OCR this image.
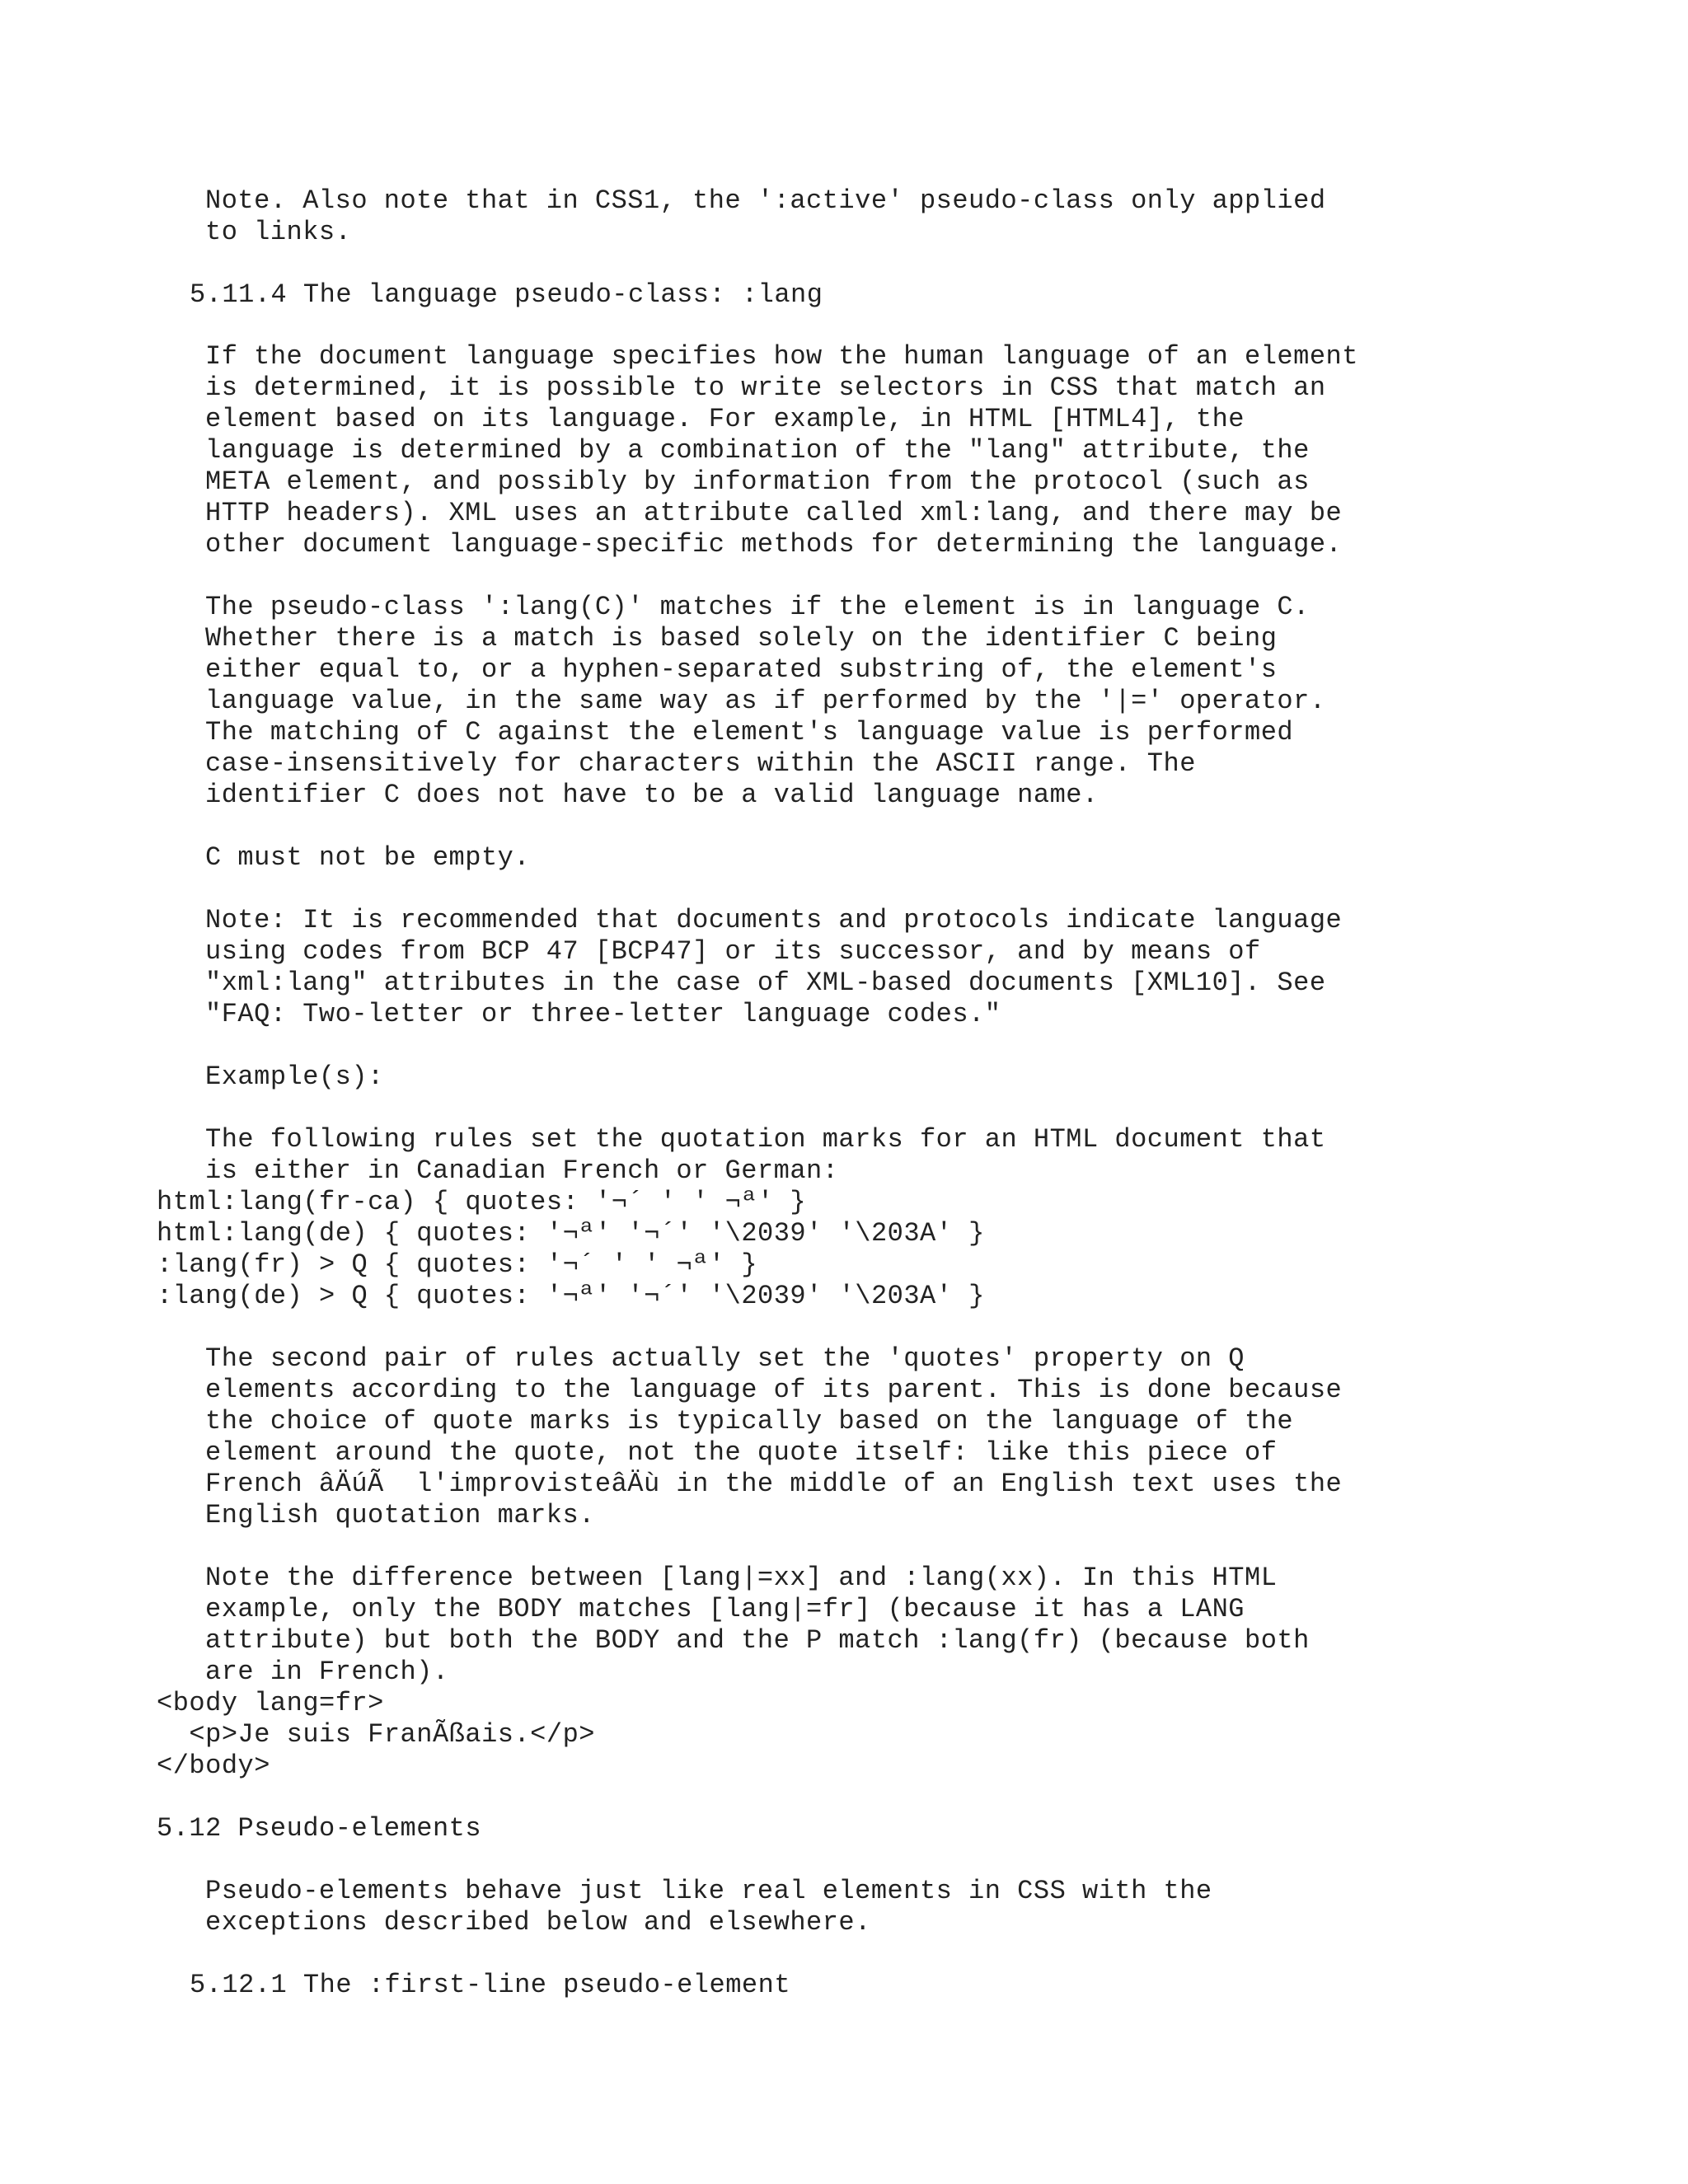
Note. Also note that in CSS1, the ':active' pseudo-class only applied

to links.

5.11.4 The language pseudo-class: :lang

If the document language specifies how the human language of an element

is determined, it is possible to write selectors in CSS that match an

element based on its language. For example, in HTML [HTML4], the

language is determined by a combination of the "lang" attribute, the

META element, and possibly by information from the protocol (such as

HTTP headers). XML uses an attribute called xml:lang, and there may be

other document language-specific methods for determining the language.

The pseudo-class ':lang(C)' matches if the element is in language C.

Whether there is a match is based solely on the identifier C being

either equal to, or a hyphen-separated substring of, the element's

language value, in the same way as if performed by the '|=' operator.

The matching of C against the element's language value is performed

case-insensitively for characters within the ASCII range. The

identifier C does not have to be a valid language name.

C must not be empty.

Note: It is recommended that documents and protocols indicate language

using codes from BCP 47 [BCP47] or its successor, and by means of

"xml:lang" attributes in the case of XML-based documents [XML10]. See

"FAQ: Two-letter or three-letter language codes."

Example(s):

The following rules set the quotation marks for an HTML document that

is either in Canadian French or German:

html:lang(fr-ca) { quotes: '¬´ ' ' ¬ª' }

html:lang(de) { quotes: '¬ª' '¬´' '\2039' '\203A' }

:lang(fr) > Q { quotes: '¬´ ' ' ¬ª' }

:lang(de) > Q { quotes: '¬ª' '¬´' '\2039' '\203A' }

The second pair of rules actually set the 'quotes' property on Q

elements according to the language of its parent. This is done because

the choice of quote marks is typically based on the language of the

element around the quote, not the quote itself: like this piece of

French âÄúÃ  l'improvisteâÄù in the middle of an English text uses the

English quotation marks.

Note the difference between [lang|=xx] and :lang(xx). In this HTML

example, only the BODY matches [lang|=fr] (because it has a LANG

attribute) but both the BODY and the P match :lang(fr) (because both

are in French).

<body lang=fr>

<p>Je suis FranÃßais.</p>

</body>

5.12 Pseudo-elements

Pseudo-elements behave just like real elements in CSS with the

exceptions described below and elsewhere.

5.12.1 The :first-line pseudo-element
